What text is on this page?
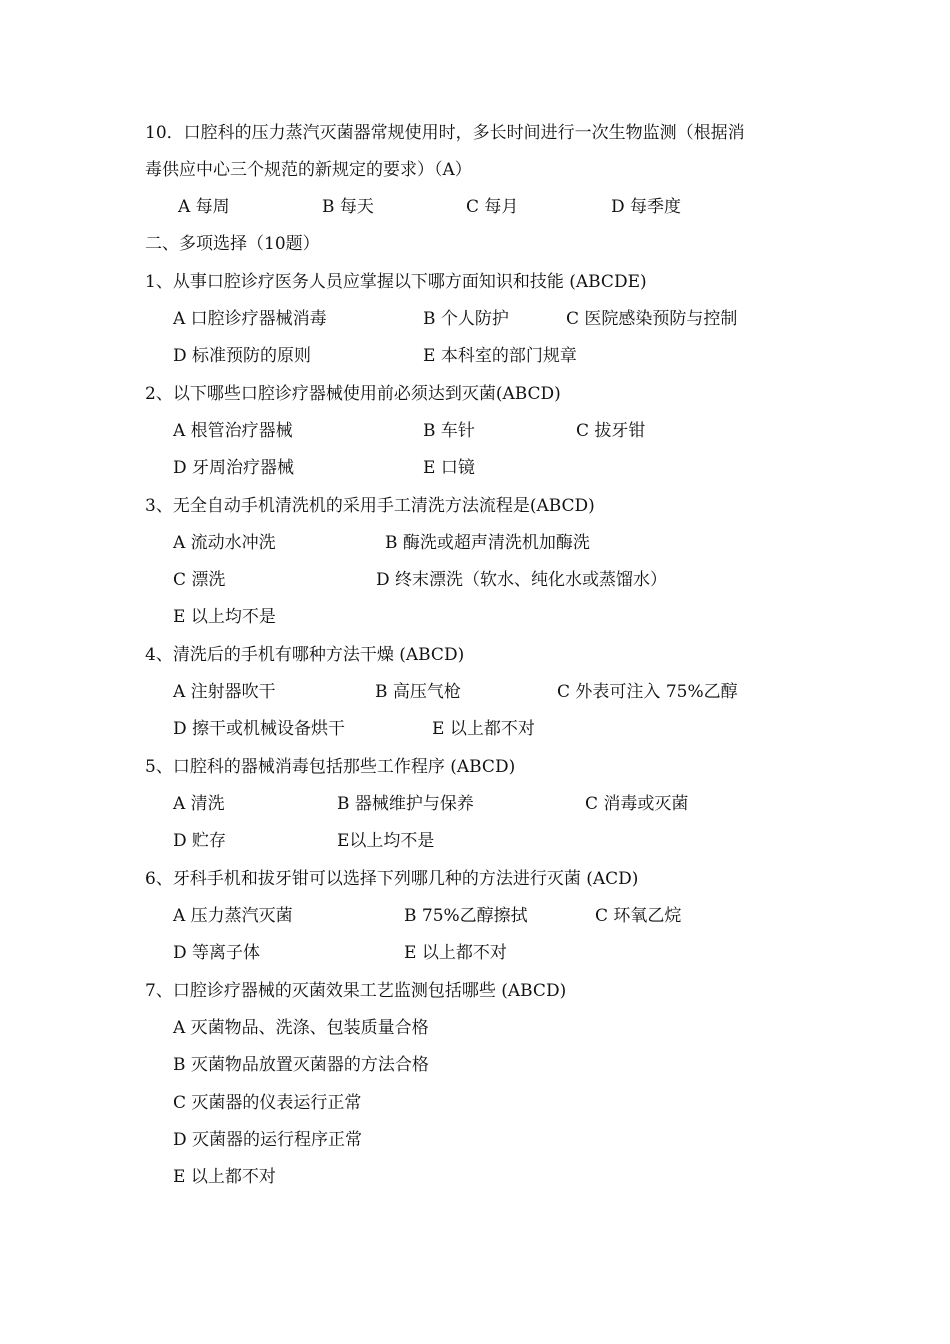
10．口腔科的压力蒸汽灭菌器常规使用时，多长时间进行一次生物监测（根据消
毒供应中心三个规范的新规定的要求）（A）
A 每周	B 每天	C 每月	D 每季度
二、多项选择（10题）
1、从事口腔诊疗医务人员应掌握以下哪方面知识和技能 (ABCDE)
A 口腔诊疗器械消毒	B 个人防护	C 医院感染预防与控制
D 标准预防的原则	E 本科室的部门规章
2、以下哪些口腔诊疗器械使用前必须达到灭菌(ABCD)
A 根管治疗器械	B 车针	C 拔牙钳
D 牙周治疗器械	E 口镜
3、无全自动手机清洗机的采用手工清洗方法流程是(ABCD)
A 流动水冲洗	B 酶洗或超声清洗机加酶洗
C 漂洗	D 终末漂洗（软水、纯化水或蒸馏水）
E 以上均不是
4、清洗后的手机有哪种方法干燥 (ABCD)
A 注射器吹干	B 高压气枪	C 外表可注入 75%乙醇
D 擦干或机械设备烘干	E 以上都不对
5、口腔科的器械消毒包括那些工作程序 (ABCD)
A 清洗	B 器械维护与保养	C 消毒或灭菌
D 贮存	E以上均不是
6、牙科手机和拔牙钳可以选择下列哪几种的方法进行灭菌 (ACD)
A 压力蒸汽灭菌	B 75%乙醇擦拭	C 环氧乙烷
D 等离子体	E 以上都不对
7、口腔诊疗器械的灭菌效果工艺监测包括哪些 (ABCD)
A 灭菌物品、洗涤、包装质量合格
B 灭菌物品放置灭菌器的方法合格
C 灭菌器的仪表运行正常
D 灭菌器的运行程序正常
E 以上都不对
